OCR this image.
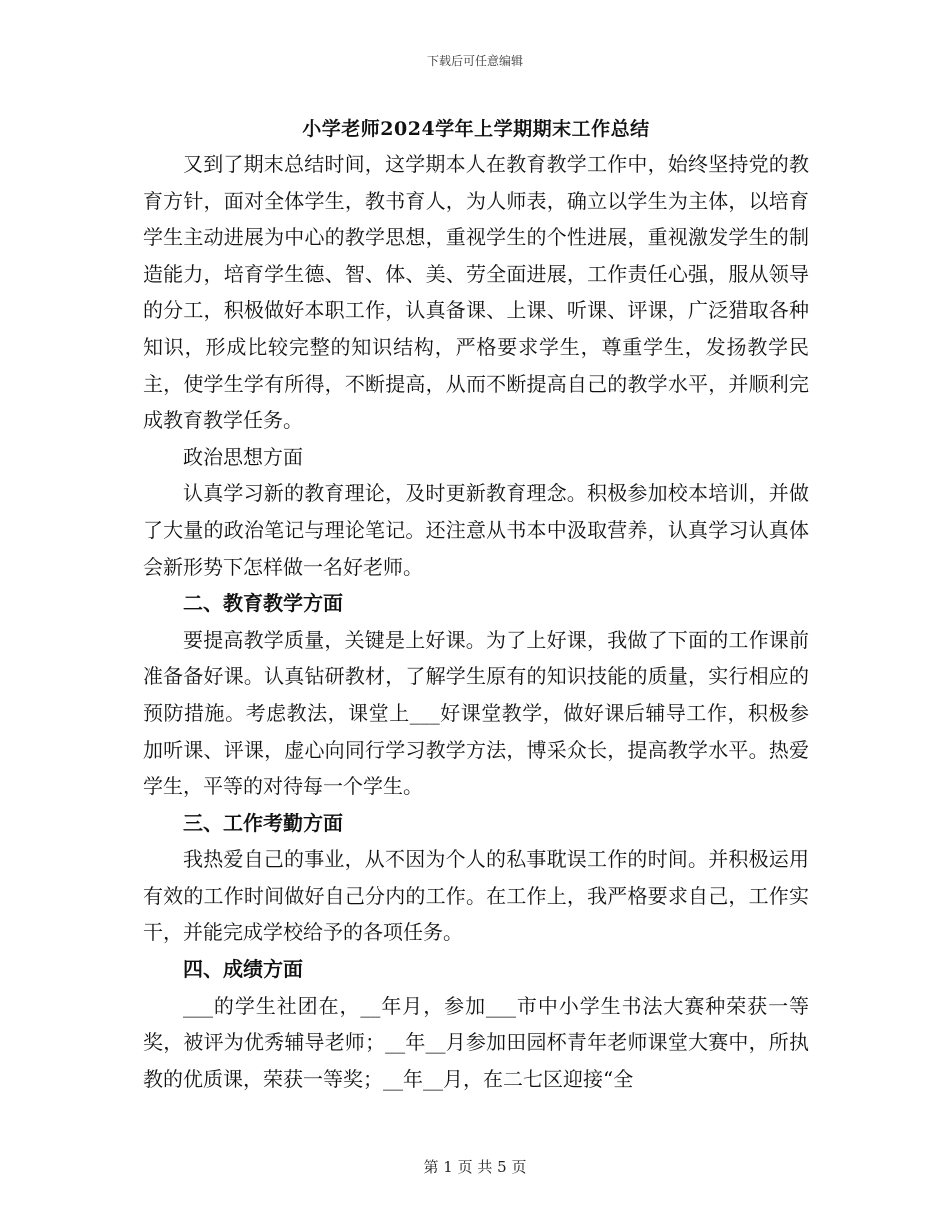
下载后可任意编辑
小学老师2024学年上学期期末工作总结

又到了期末总结时间，这学期本人在教育教学工作中，始终坚持党的教育方针，面对全体学生，教书育人，为人师表，确立以学生为主体，以培育学生主动进展为中心的教学思想，重视学生的个性进展，重视激发学生的制造能力，培育学生德、智、体、美、劳全面进展，工作责任心强，服从领导的分工，积极做好本职工作，认真备课、上课、听课、评课，广泛猎取各种知识，形成比较完整的知识结构，严格要求学生，尊重学生，发扬教学民主，使学生学有所得，不断提高，从而不断提高自己的教学水平，并顺利完成教育教学任务。

政治思想方面

认真学习新的教育理论，及时更新教育理念。积极参加校本培训，并做了大量的政治笔记与理论笔记。还注意从书本中汲取营养，认真学习认真体会新形势下怎样做一名好老师。

二、教育教学方面

要提高教学质量，关键是上好课。为了上好课，我做了下面的工作课前准备备好课。认真钻研教材，了解学生原有的知识技能的质量，实行相应的预防措施。考虑教法，课堂上___好课堂教学，做好课后辅导工作，积极参加听课、评课，虚心向同行学习教学方法，博采众长，提高教学水平。热爱学生，平等的对待每一个学生。

三、工作考勤方面

我热爱自己的事业，从不因为个人的私事耽误工作的时间。并积极运用有效的工作时间做好自己分内的工作。在工作上，我严格要求自己，工作实干，并能完成学校给予的各项任务。

四、成绩方面

___的学生社团在，__年月，参加___市中小学生书法大赛种荣获一等奖，被评为优秀辅导老师；__年__月参加田园杯青年老师课堂大赛中，所执教的优质课，荣获一等奖；__年__月，在二七区迎接“全

第 1 页 共 5 页
